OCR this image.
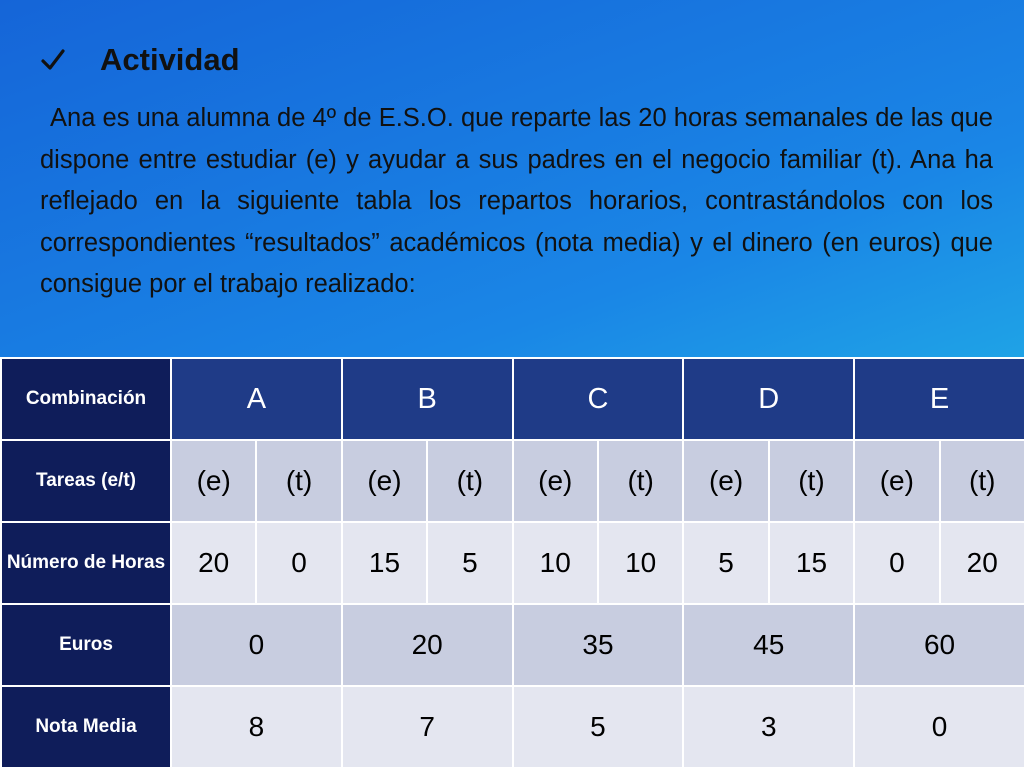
Actividad
Ana es una alumna de 4º de E.S.O. que reparte las 20 horas semanales de las que dispone entre estudiar (e) y ayudar a sus padres en el negocio familiar (t). Ana ha reflejado en la siguiente tabla los repartos horarios, contrastándolos con los correspondientes “resultados” académicos (nota media) y el dinero (en euros) que consigue por el trabajo realizado:
Combinación	A		B		C		D		E	
Tareas (e/t)	(e)	(t)	(e)	(t)	(e)	(t)	(e)	(t)	(e)	(t)
Número de Horas	20	0	15	5	10	10	5	15	0	20
Euros	0		20		35		45		60	
Nota Media	8		7		5		3		0	
